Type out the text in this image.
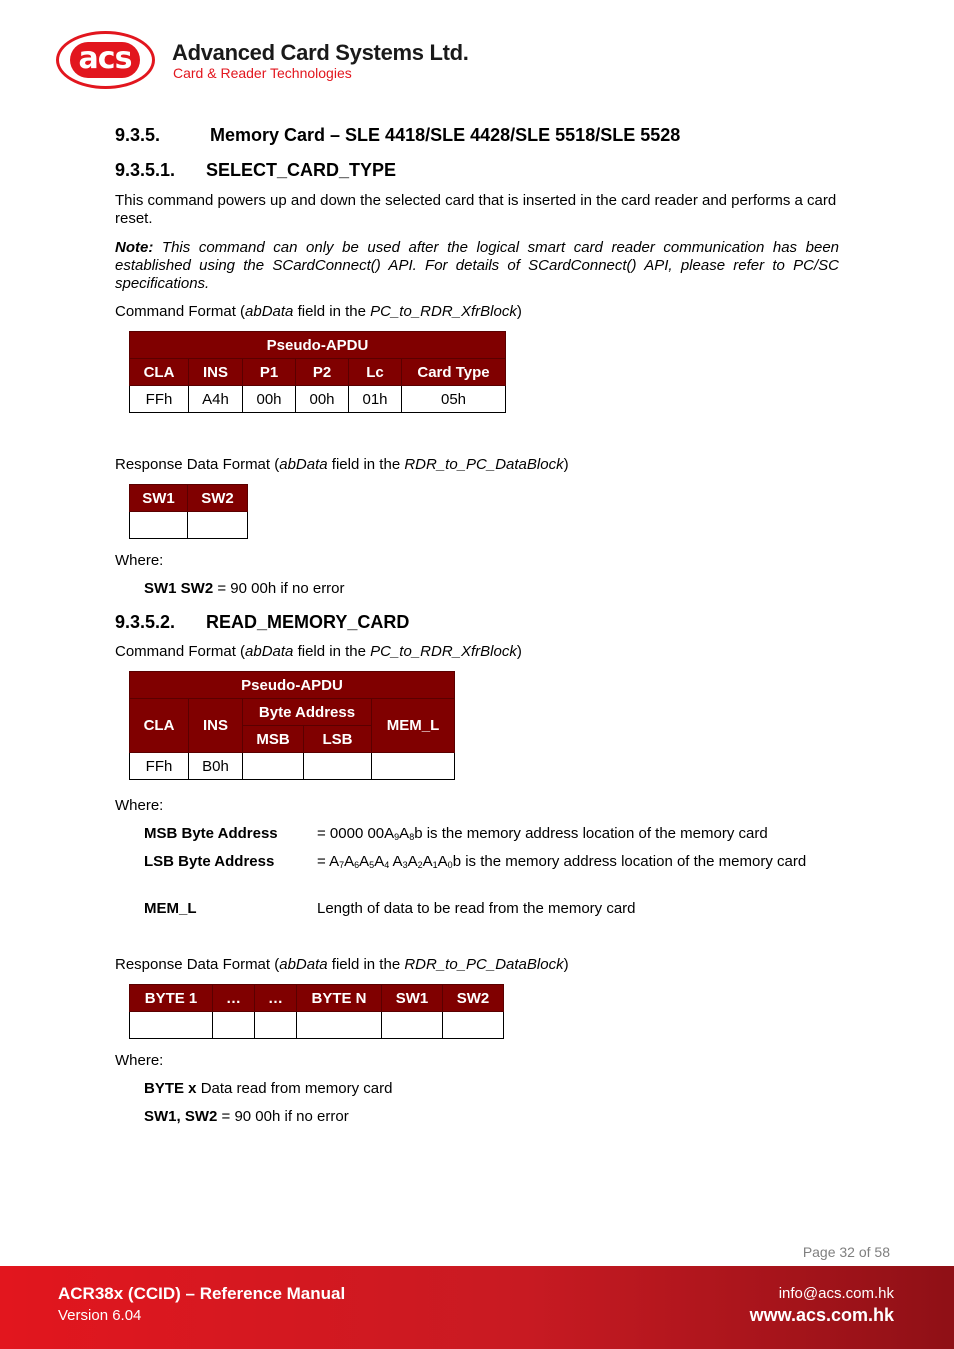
acs	Advanced Card Systems Ltd.
Card & Reader Technologies
9.3.5.	Memory Card – SLE 4418/SLE 4428/SLE 5518/SLE 5528
9.3.5.1. SELECT_CARD_TYPE
This command powers up and down the selected card that is inserted in the card reader and performs a card reset.
Note: This command can only be used after the logical smart card reader communication has been established using the SCardConnect() API. For details of SCardConnect() API, please refer to PC/SC specifications.
Command Format (abData field in the PC_to_RDR_XfrBlock)
Pseudo-APDU					
CLA	INS	P1	P2	Lc	Card Type
FFh	A4h	00h	00h	01h	05h
Response Data Format (abData field in the RDR_to_PC_DataBlock)
SW1	SW2

Where:
SW1 SW2 = 90 00h if no error
9.3.5.2. READ_MEMORY_CARD
Command Format (abData field in the PC_to_RDR_XfrBlock)
Pseudo-APDU				
CLA	INS	Byte Address		MEM_L
		MSB	LSB	
FFh	B0h			
Where:
MSB Byte Address	= 0000 $00A_9A_8b$ is the memory address location of the memory card
LSB Byte Address	= $A_7A_6A_5A_4$ $A_3A_2A_1A_0b$ is the memory address location of the memory card
MEM_L	Length of data to be read from the memory card
Response Data Format (abData field in the RDR_to_PC_DataBlock)
BYTE 1	…	…	BYTE N	SW1	SW2

Where:
BYTE x Data read from memory card
SW1, SW2 = 90 00h if no error
Page 32 of 58
ACR38x (CCID) – Reference Manual
Version 6.04
info@acs.com.hk
www.acs.com.hk
